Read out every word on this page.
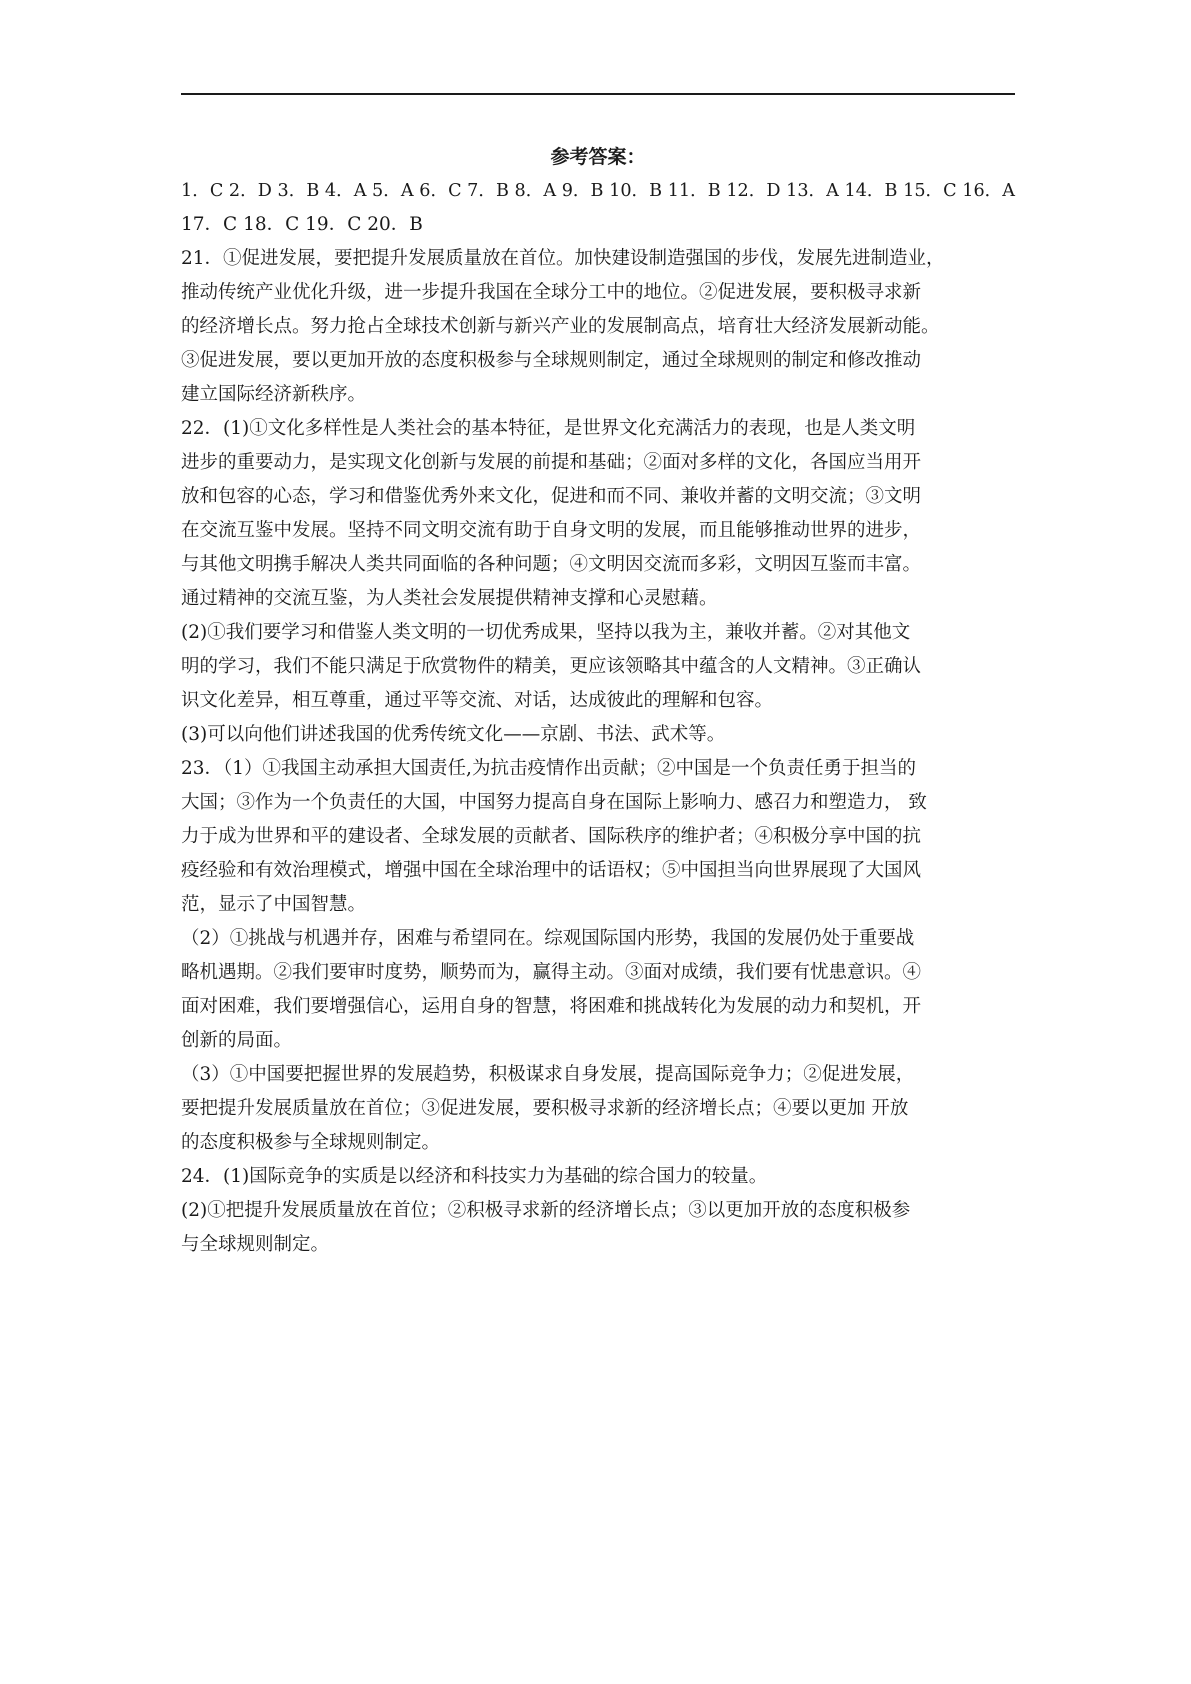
参考答案：

1．C 2．D 3．B 4．A 5．A 6．C 7．B 8．A 9．B 10．B 11．B 12．D 13．A 14．B 15．C 16．A

17．C 18．C 19．C 20．B

21．①促进发展，要把提升发展质量放在首位。加快建设制造强国的步伐，发展先进制造业，

推动传统产业优化升级，进一步提升我国在全球分工中的地位。②促进发展，要积极寻求新

的经济增长点。努力抢占全球技术创新与新兴产业的发展制高点，培育壮大经济发展新动能。

③促进发展，要以更加开放的态度积极参与全球规则制定，通过全球规则的制定和修改推动

建立国际经济新秩序。

22．(1)①文化多样性是人类社会的基本特征，是世界文化充满活力的表现，也是人类文明

进步的重要动力，是实现文化创新与发展的前提和基础；②面对多样的文化，各国应当用开

放和包容的心态，学习和借鉴优秀外来文化，促进和而不同、兼收并蓄的文明交流；③文明

在交流互鉴中发展。坚持不同文明交流有助于自身文明的发展，而且能够推动世界的进步，

与其他文明携手解决人类共同面临的各种问题；④文明因交流而多彩，文明因互鉴而丰富。

通过精神的交流互鉴，为人类社会发展提供精神支撑和心灵慰藉。

(2)①我们要学习和借鉴人类文明的一切优秀成果，坚持以我为主，兼收并蓄。②对其他文

明的学习，我们不能只满足于欣赏物件的精美，更应该领略其中蕴含的人文精神。③正确认

识文化差异，相互尊重，通过平等交流、对话，达成彼此的理解和包容。

(3)可以向他们讲述我国的优秀传统文化——京剧、书法、武术等。

23．（1）①我国主动承担大国责任,为抗击疫情作出贡献；②中国是一个负责任勇于担当的

大国；③作为一个负责任的大国，中国努力提高自身在国际上影响力、感召力和塑造力， 致

力于成为世界和平的建设者、全球发展的贡献者、国际秩序的维护者；④积极分享中国的抗

疫经验和有效治理模式，增强中国在全球治理中的话语权；⑤中国担当向世界展现了大国风

范，显示了中国智慧。

（2）①挑战与机遇并存，困难与希望同在。综观国际国内形势，我国的发展仍处于重要战

略机遇期。②我们要审时度势，顺势而为，赢得主动。③面对成绩，我们要有忧患意识。④

面对困难，我们要增强信心，运用自身的智慧，将困难和挑战转化为发展的动力和契机，开

创新的局面。

（3）①中国要把握世界的发展趋势，积极谋求自身发展，提高国际竞争力；②促进发展，

要把提升发展质量放在首位；③促进发展，要积极寻求新的经济增长点；④要以更加 开放

的态度积极参与全球规则制定。

24．(1)国际竞争的实质是以经济和科技实力为基础的综合国力的较量。

(2)①把提升发展质量放在首位；②积极寻求新的经济增长点；③以更加开放的态度积极参

与全球规则制定。
